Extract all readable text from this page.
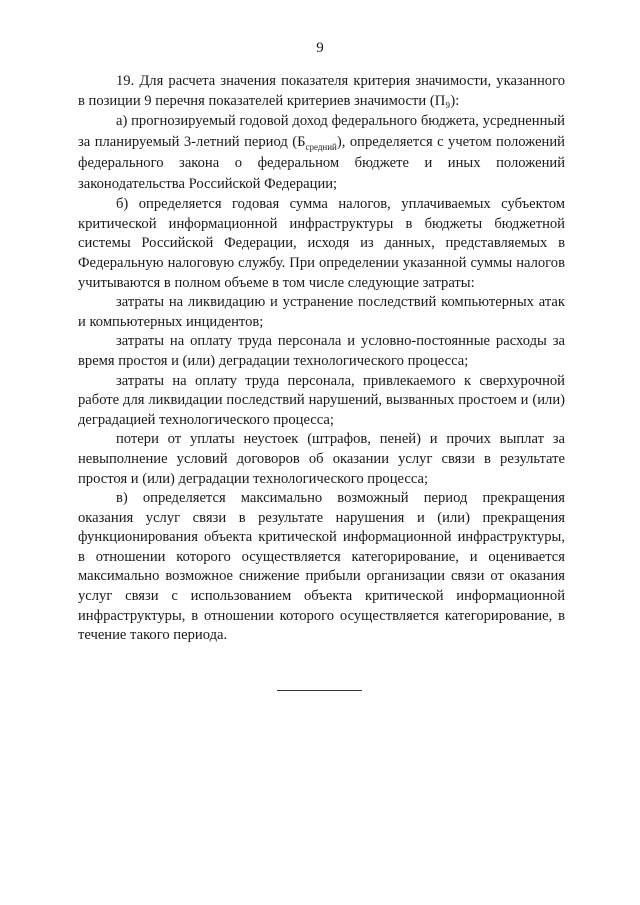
9

19. Для расчета значения показателя критерия значимости, указанного в позиции 9 перечня показателей критериев значимости (П₉):

а) прогнозируемый годовой доход федерального бюджета, усредненный за планируемый 3-летний период $(Б_{средний})$, определяется с учетом положений федерального закона о федеральном бюджете и иных положений законодательства Российской Федерации;

б) определяется годовая сумма налогов, уплачиваемых субъектом критической информационной инфраструктуры в бюджеты бюджетной системы Российской Федерации, исходя из данных, представляемых в Федеральную налоговую службу. При определении указанной суммы налогов учитываются в полном объеме в том числе следующие затраты:

затраты на ликвидацию и устранение последствий компьютерных атак и компьютерных инцидентов;

затраты на оплату труда персонала и условно-постоянные расходы за время простоя и (или) деградации технологического процесса;

затраты на оплату труда персонала, привлекаемого к сверхурочной работе для ликвидации последствий нарушений, вызванных простоем и (или) деградацией технологического процесса;

потери от уплаты неустоек (штрафов, пеней) и прочих выплат за невыполнение условий договоров об оказании услуг связи в результате простоя и (или) деградации технологического процесса;

в) определяется максимально возможный период прекращения оказания услуг связи в результате нарушения и (или) прекращения функционирования объекта критической информационной инфраструктуры, в отношении которого осуществляется категорирование, и оценивается максимально возможное снижение прибыли организации связи от оказания услуг связи с использованием объекта критической информационной инфраструктуры, в отношении которого осуществляется категорирование, в течение такого периода.
